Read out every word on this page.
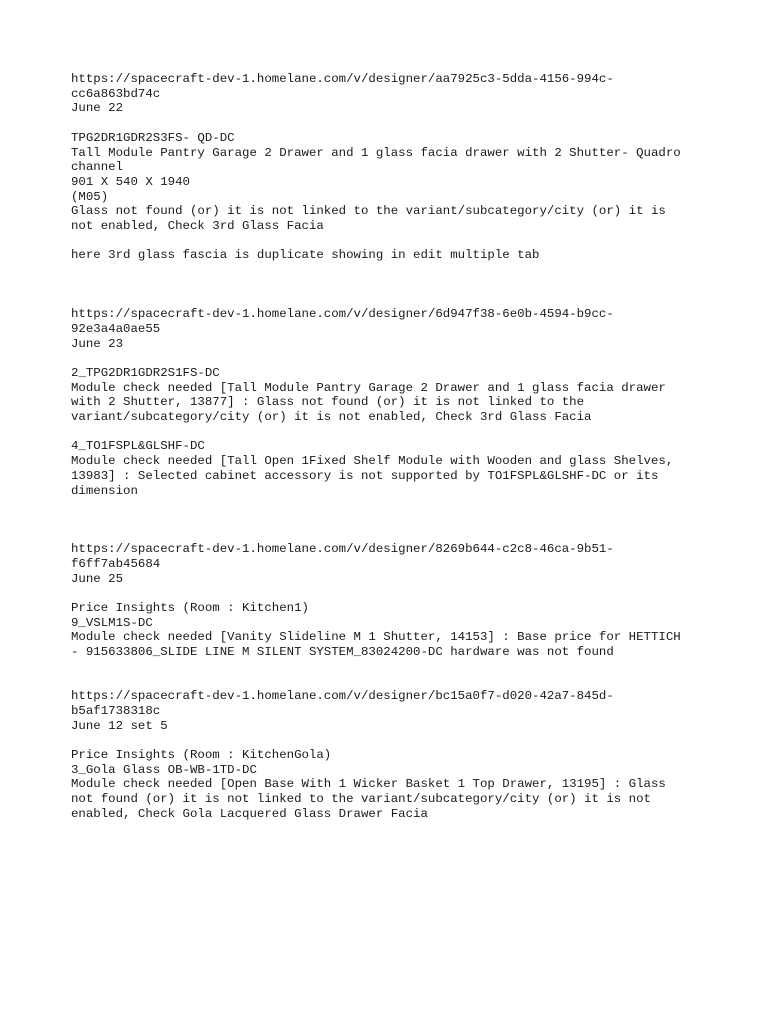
https://spacecraft-dev-1.homelane.com/v/designer/aa7925c3-5dda-4156-994c-
cc6a863bd74c
June 22
TPG2DR1GDR2S3FS- QD-DC
Tall Module Pantry Garage 2 Drawer and 1 glass facia drawer with 2 Shutter- Quadro
channel
901 X 540 X 1940
(M05)
Glass not found (or) it is not linked to the variant/subcategory/city (or) it is
not enabled, Check 3rd Glass Facia
here 3rd glass fascia is duplicate showing in edit multiple tab
https://spacecraft-dev-1.homelane.com/v/designer/6d947f38-6e0b-4594-b9cc-
92e3a4a0ae55
June 23
2_TPG2DR1GDR2S1FS-DC
Module check needed [Tall Module Pantry Garage 2 Drawer and 1 glass facia drawer
with 2 Shutter, 13877] : Glass not found (or) it is not linked to the
variant/subcategory/city (or) it is not enabled, Check 3rd Glass Facia
4_TO1FSPL&GLSHF-DC
Module check needed [Tall Open 1Fixed Shelf Module with Wooden and glass Shelves,
13983] : Selected cabinet accessory is not supported by TO1FSPL&GLSHF-DC or its
dimension
https://spacecraft-dev-1.homelane.com/v/designer/8269b644-c2c8-46ca-9b51-
f6ff7ab45684
June 25
Price Insights (Room : Kitchen1)
9_VSLM1S-DC
Module check needed [Vanity Slideline M 1 Shutter, 14153] : Base price for HETTICH
- 915633806_SLIDE LINE M SILENT SYSTEM_83024200-DC hardware was not found
https://spacecraft-dev-1.homelane.com/v/designer/bc15a0f7-d020-42a7-845d-
b5af1738318c
June 12 set 5
Price Insights (Room : KitchenGola)
3_Gola Glass OB-WB-1TD-DC
Module check needed [Open Base With 1 Wicker Basket 1 Top Drawer, 13195] : Glass
not found (or) it is not linked to the variant/subcategory/city (or) it is not
enabled, Check Gola Lacquered Glass Drawer Facia
